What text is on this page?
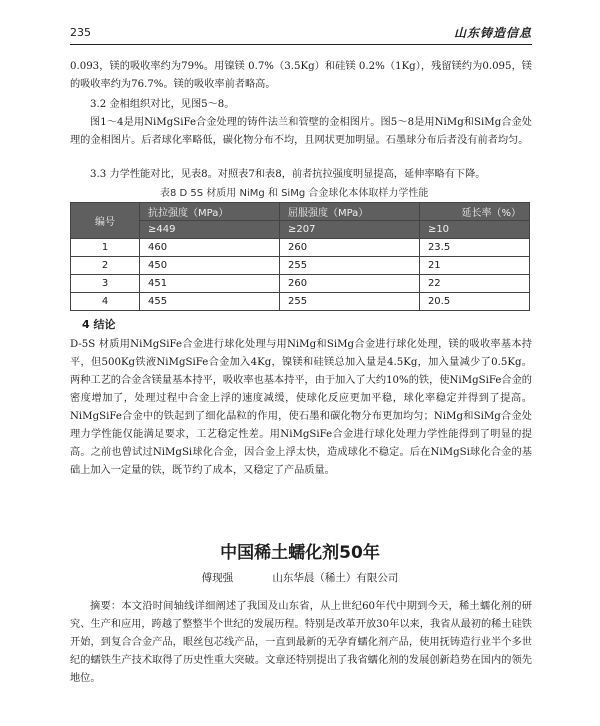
235	山东铸造信息

0.093，镁的吸收率约为79%。用镍镁 0.7%（3.5Kg）和硅镁 0.2%（1Kg），残留镁约为0.095，镁的吸收率约为76.7%。镁的吸收率前者略高。

3.2 金相组织对比，见图5～8。

图1～4是用NiMgSiFe合金处理的铸件法兰和管壁的金相图片。图5～8是用NiMg和SiMg合金处理的金相图片。后者球化率略低，碳化物分布不均，且网状更加明显。石墨球分布后者没有前者均匀。

3.3 力学性能对比，见表8。对照表7和表8，前者抗拉强度明显提高，延伸率略有下降。

表8 D 5S 材质用 NiMg 和 SiMg 合金球化本体取样力学性能
编号	抗拉强度（MPa）	屈服强度（MPa）	延长率（%）
	≥449	≥207	≥10
1	460	260	23.5
2	450	255	21
3	451	260	22
4	455	255	20.5
4 结论

D-5S 材质用NiMgSiFe合金进行球化处理与用NiMg和SiMg合金进行球化处理，镁的吸收率基本持平，但500Kg铁液NiMgSiFe合金加入4Kg，镍镁和硅镁总加入量是4.5Kg，加入量减少了0.5Kg。两种工艺的合金含镁量基本持平，吸收率也基本持平，由于加入了大约10%的铁，使NiMgSiFe合金的密度增加了，处理过程中合金上浮的速度减缓，使球化反应更加平稳，球化率稳定并得到了提高。NiMgSiFe合金中的铁起到了细化晶粒的作用，使石墨和碳化物分布更加均匀；NiMg和SiMg合金处理力学性能仅能满足要求，工艺稳定性差。用NiMgSiFe合金进行球化处理力学性能得到了明显的提高。之前也曾试过NiMgSi球化合金，因合金上浮太快，造成球化不稳定。后在NiMgSi球化合金的基础上加入一定量的铁，既节约了成本，又稳定了产品质量。

中国稀土蠕化剂50年
傅现强	山东华晨（稀土）有限公司

摘要：本文沿时间轴线详细阐述了我国及山东省，从上世纪60年代中期到今天，稀土蠕化剂的研究、生产和应用，跨越了整整半个世纪的发展历程。特别是改革开放30年以来，我省从最初的稀土硅铁开始，到复合合金产品，眼丝包芯线产品，一直到最新的无孕育蠕化剂产品，使用抚铸造行业半个多世纪的蠕铁生产技术取得了历史性重大突破。文章还特别提出了我省蠕化剂的发展创新趋势在国内的领先地位。
